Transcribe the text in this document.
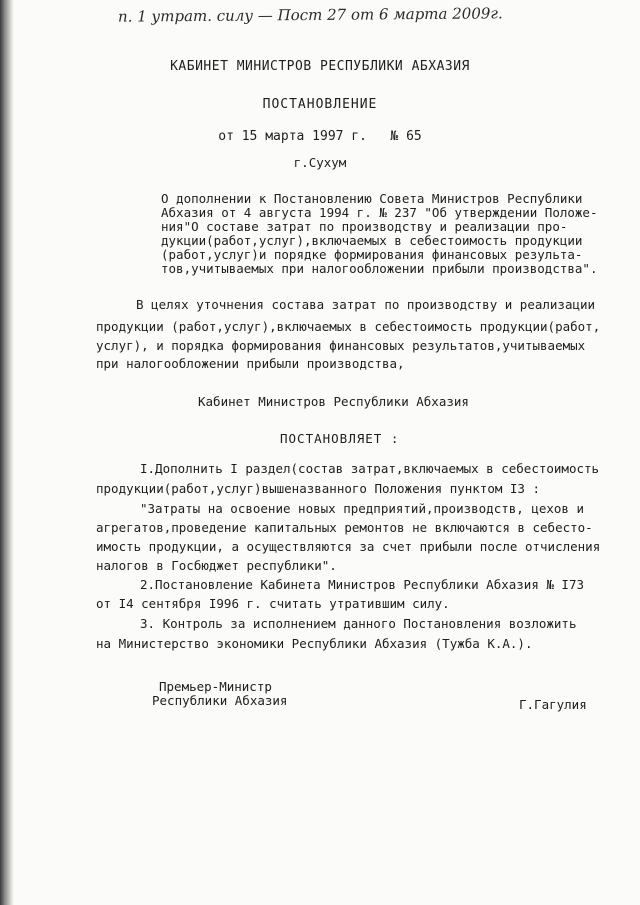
п. 1 утрат. силу — Пост 27 от 6 марта 2009г.
КАБИНЕТ МИНИСТРОВ РЕСПУБЛИКИ АБХАЗИЯ
ПОСТАНОВЛЕНИЕ
от 15 марта 1997 г.   № 65
г.Сухум
О дополнении к Постановлению Совета Министров Республики
Абхазия от 4 августа 1994 г. № 237 "Об утверждении Положе-
ния"О составе затрат по производству и реализации про-
дукции(работ,услуг),включаемых в себестоимость продукции
(работ,услуг)и порядке формирования финансовых результа-
тов,учитываемых при налогообложении прибыли производства".
В целях уточнения состава затрат по производству и реализации
продукции (работ,услуг),включаемых в себестоимость продукции(работ,
услуг), и порядка формирования финансовых результатов,учитываемых
при налогообложении прибыли производства,
Кабинет Министров Республики Абхазия
ПОСТАНОВЛЯЕТ :
I.Дополнить I раздел(состав затрат,включаемых в себестоимость
продукции(работ,услуг)вышеназванного Положения пунктом I3 :
"Затраты на освоение новых предприятий,производств, цехов и
агрегатов,проведение капитальных ремонтов не включаются в себесто-
имость продукции, а осуществляются за счет прибыли после отчисления
налогов в Госбюджет республики".
2.Постановление Кабинета Министров Республики Абхазия № I73
от I4 сентября I996 г. считать утратившим силу.
3. Контроль за исполнением данного Постановления возложить
на Министерство экономики Республики Абхазия (Тужба К.А.).
Премьер-Министр
Республики Абхазия	Г.Гагулия
